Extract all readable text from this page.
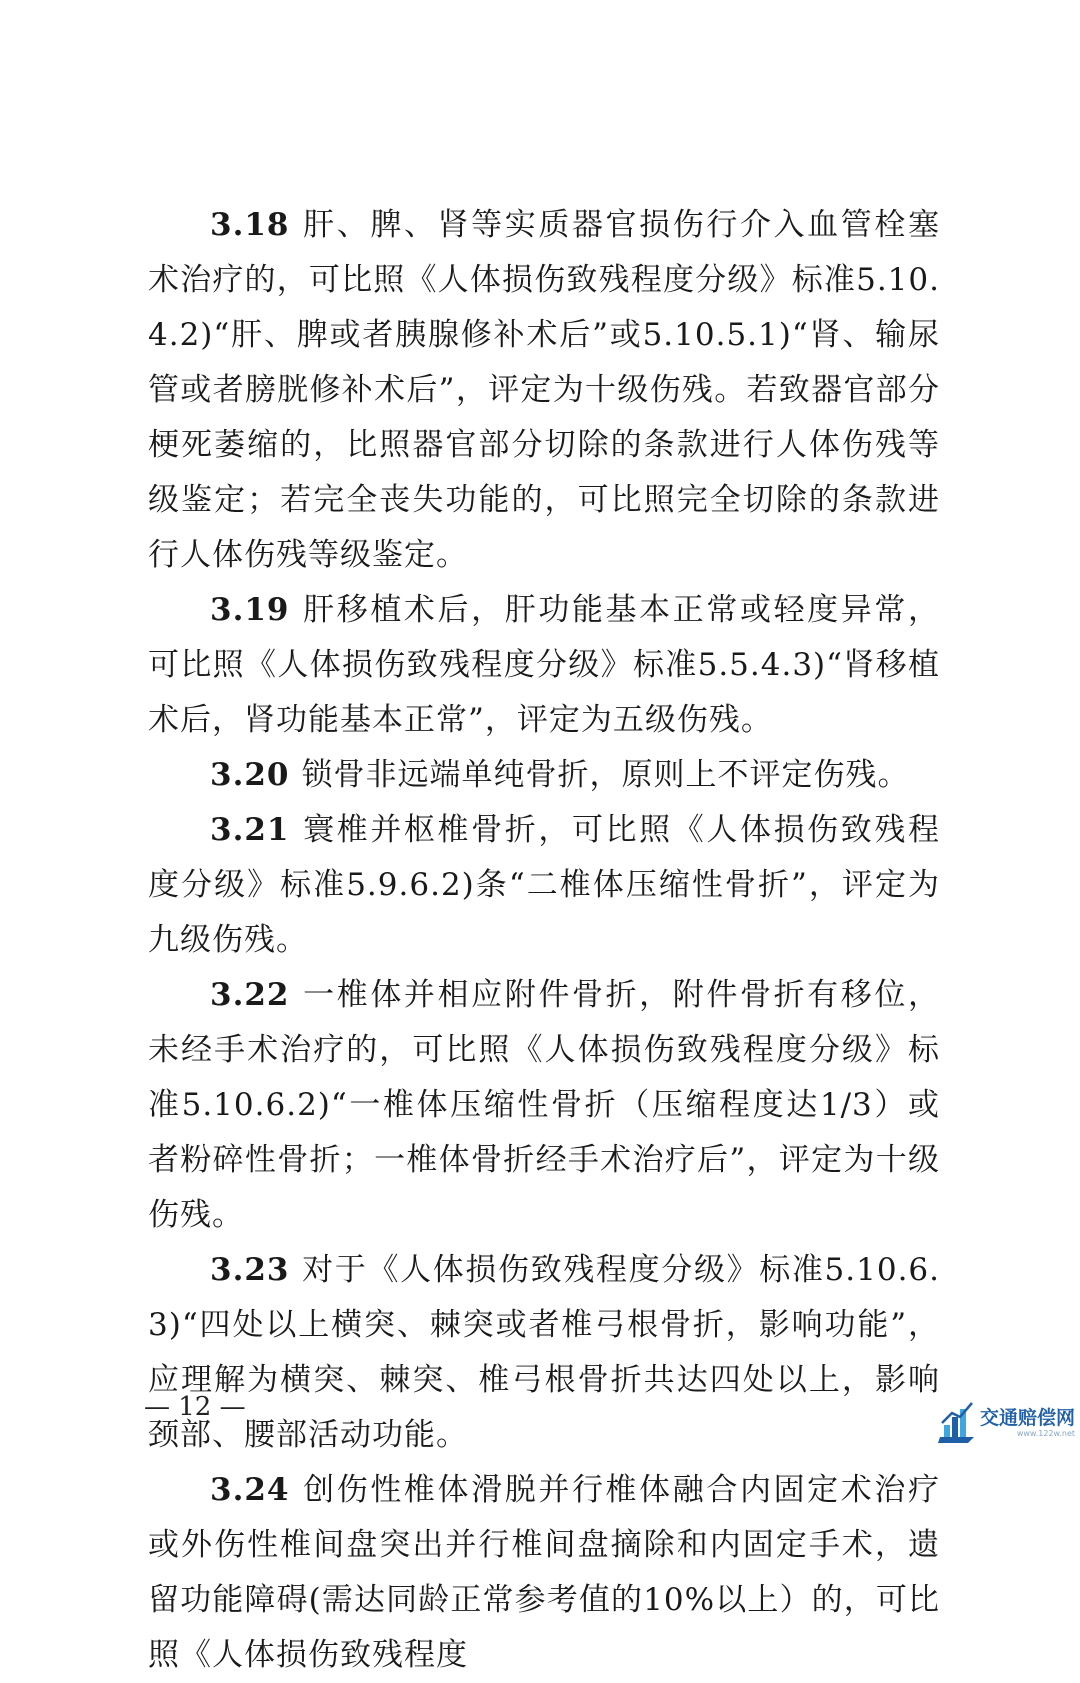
3.18 肝、脾、肾等实质器官损伤行介入血管栓塞术治疗的，可比照《人体损伤致残程度分级》标准5.10.4.2)“肝、脾或者胰腺修补术后”或5.10.5.1)“肾、输尿管或者膀胱修补术后”，评定为十级伤残。若致器官部分梗死萎缩的，比照器官部分切除的条款进行人体伤残等级鉴定；若完全丧失功能的，可比照完全切除的条款进行人体伤残等级鉴定。

3.19 肝移植术后，肝功能基本正常或轻度异常，可比照《人体损伤致残程度分级》标准5.5.4.3)“肾移植术后，肾功能基本正常”，评定为五级伤残。

3.20 锁骨非远端单纯骨折，原则上不评定伤残。

3.21 寰椎并枢椎骨折，可比照《人体损伤致残程度分级》标准5.9.6.2)条“二椎体压缩性骨折”，评定为九级伤残。

3.22 一椎体并相应附件骨折，附件骨折有移位，未经手术治疗的，可比照《人体损伤致残程度分级》标准5.10.6.2)“一椎体压缩性骨折（压缩程度达1/3）或者粉碎性骨折；一椎体骨折经手术治疗后”，评定为十级伤残。

3.23 对于《人体损伤致残程度分级》标准5.10.6.3)“四处以上横突、棘突或者椎弓根骨折，影响功能”，应理解为横突、棘突、椎弓根骨折共达四处以上，影响颈部、腰部活动功能。

3.24 创伤性椎体滑脱并行椎体融合内固定术治疗或外伤性椎间盘突出并行椎间盘摘除和内固定手术，遗留功能障碍(需达同龄正常参考值的10%以上）的，可比照《人体损伤致残程度

— 12 —	交通赔偿网
www.122w.net
